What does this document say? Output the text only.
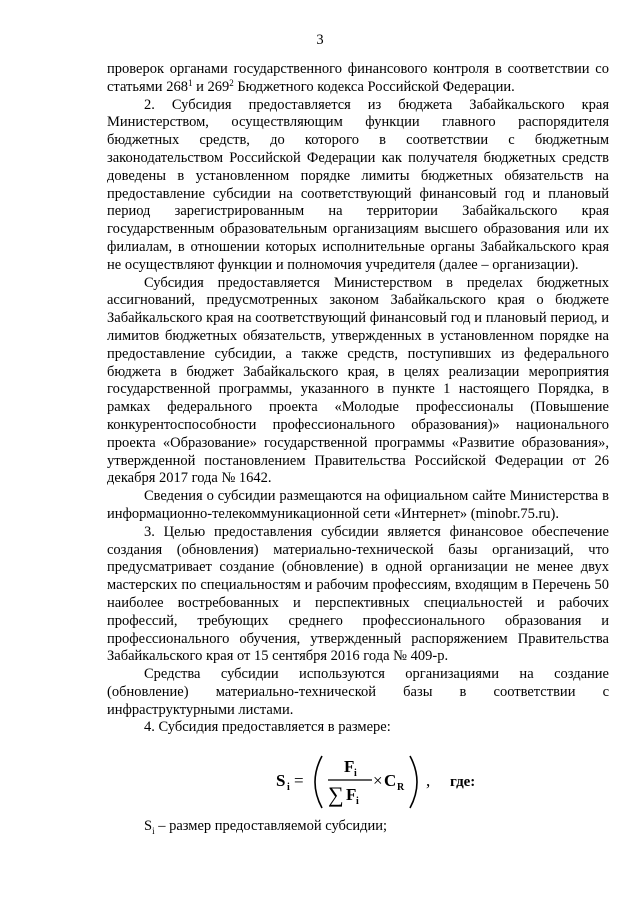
3

проверок органами государственного финансового контроля в соответствии со статьями $268^1$ и $269^2$ Бюджетного кодекса Российской Федерации.

2. Субсидия предоставляется из бюджета Забайкальского края Министерством, осуществляющим функции главного распорядителя бюджетных средств, до которого в соответствии с бюджетным законодательством Российской Федерации как получателя бюджетных средств доведены в установленном порядке лимиты бюджетных обязательств на предоставление субсидии на соответствующий финансовый год и плановый период зарегистрированным на территории Забайкальского края государственным образовательным организациям высшего образования или их филиалам, в отношении которых исполнительные органы Забайкальского края не осуществляют функции и полномочия учредителя (далее – организации).

Субсидия предоставляется Министерством в пределах бюджетных ассигнований, предусмотренных законом Забайкальского края о бюджете Забайкальского края на соответствующий финансовый год и плановый период, и лимитов бюджетных обязательств, утвержденных в установленном порядке на предоставление субсидии, а также средств, поступивших из федерального бюджета в бюджет Забайкальского края, в целях реализации мероприятия государственной программы, указанного в пункте 1 настоящего Порядка, в рамках федерального проекта «Молодые профессионалы (Повышение конкурентоспособности профессионального образования)» национального проекта «Образование» государственной программы «Развитие образования», утвержденной постановлением Правительства Российской Федерации от 26 декабря 2017 года № 1642.

Сведения о субсидии размещаются на официальном сайте Министерства в информационно-телекоммуникационной сети «Интернет» (minobr.75.ru).

3. Целью предоставления субсидии является финансовое обеспечение создания (обновления) материально-технической базы организаций, что предусматривает создание (обновление) в одной организации не менее двух мастерских по специальностям и рабочим профессиям, входящим в Перечень 50 наиболее востребованных и перспективных специальностей и рабочих профессий, требующих среднего профессионального образования и профессионального обучения, утвержденный распоряжением Правительства Забайкальского края от 15 сентября 2016 года № 409-р.

Средства субсидии используются организациями на создание (обновление) материально-технической базы в соответствии с инфраструктурными листами.

4. Субсидия предоставляется в размере:

S i =
F i
∑ F i
× C R , где:
$S_i$ – размер предоставляемой субсидии;
